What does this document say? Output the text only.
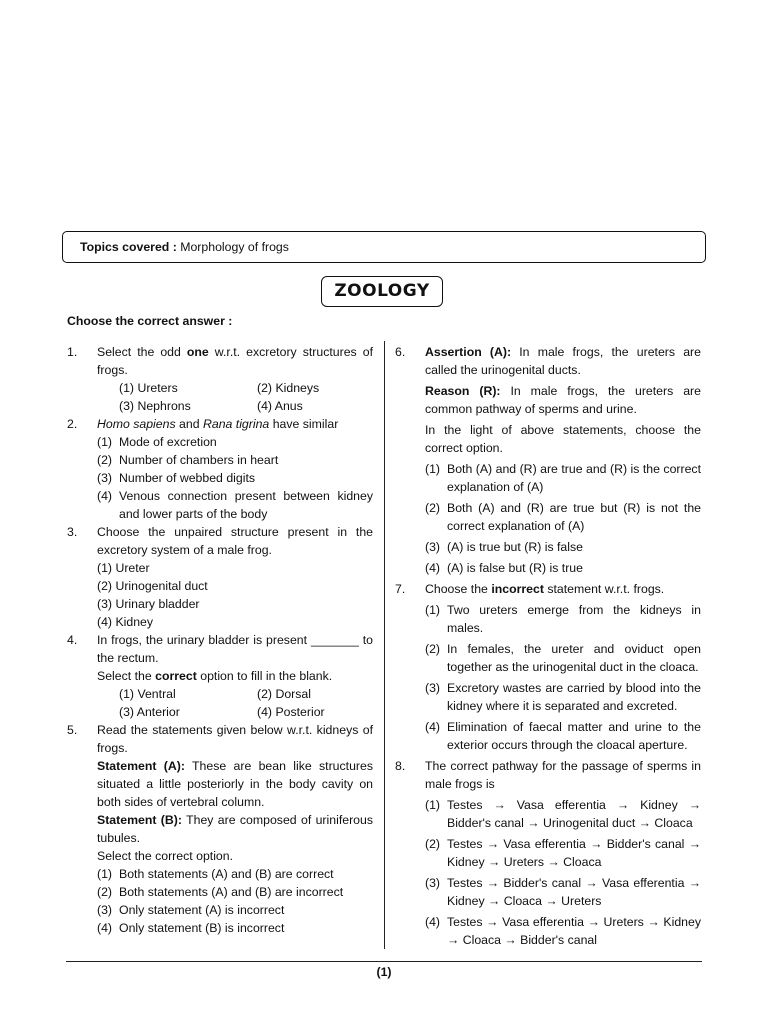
Topics covered : Morphology of frogs
ZOOLOGY
Choose the correct answer :
1. Select the odd one w.r.t. excretory structures of frogs.
(1) Ureters	(2) Kidneys
(3) Nephrons	(4) Anus
2. Homo sapiens and Rana tigrina have similar
(1) Mode of excretion
(2) Number of chambers in heart
(3) Number of webbed digits
(4) Venous connection present between kidney and lower parts of the body
3. Choose the unpaired structure present in the excretory system of a male frog.
(1) Ureter
(2) Urinogenital duct
(3) Urinary bladder
(4) Kidney
4. In frogs, the urinary bladder is present _______ to the rectum.
Select the correct option to fill in the blank.
(1) Ventral	(2) Dorsal
(3) Anterior	(4) Posterior
5. Read the statements given below w.r.t. kidneys of frogs.
Statement (A): These are bean like structures situated a little posteriorly in the body cavity on both sides of vertebral column.
Statement (B): They are composed of uriniferous tubules.
Select the correct option.
(1) Both statements (A) and (B) are correct
(2) Both statements (A) and (B) are incorrect
(3) Only statement (A) is incorrect
(4) Only statement (B) is incorrect
6. Assertion (A): In male frogs, the ureters are called the urinogenital ducts.
Reason (R): In male frogs, the ureters are common pathway of sperms and urine.
In the light of above statements, choose the correct option.
(1) Both (A) and (R) are true and (R) is the correct explanation of (A)
(2) Both (A) and (R) are true but (R) is not the correct explanation of (A)
(3) (A) is true but (R) is false
(4) (A) is false but (R) is true
7. Choose the incorrect statement w.r.t. frogs.
(1) Two ureters emerge from the kidneys in males.
(2) In females, the ureter and oviduct open together as the urinogenital duct in the cloaca.
(3) Excretory wastes are carried by blood into the kidney where it is separated and excreted.
(4) Elimination of faecal matter and urine to the exterior occurs through the cloacal aperture.
8. The correct pathway for the passage of sperms in male frogs is
(1) Testes → Vasa efferentia → Kidney → Bidder's canal → Urinogenital duct → Cloaca
(2) Testes → Vasa efferentia → Bidder's canal → Kidney → Ureters → Cloaca
(3) Testes → Bidder's canal → Vasa efferentia → Kidney → Cloaca → Ureters
(4) Testes → Vasa efferentia → Ureters → Kidney → Cloaca → Bidder's canal
(1)
